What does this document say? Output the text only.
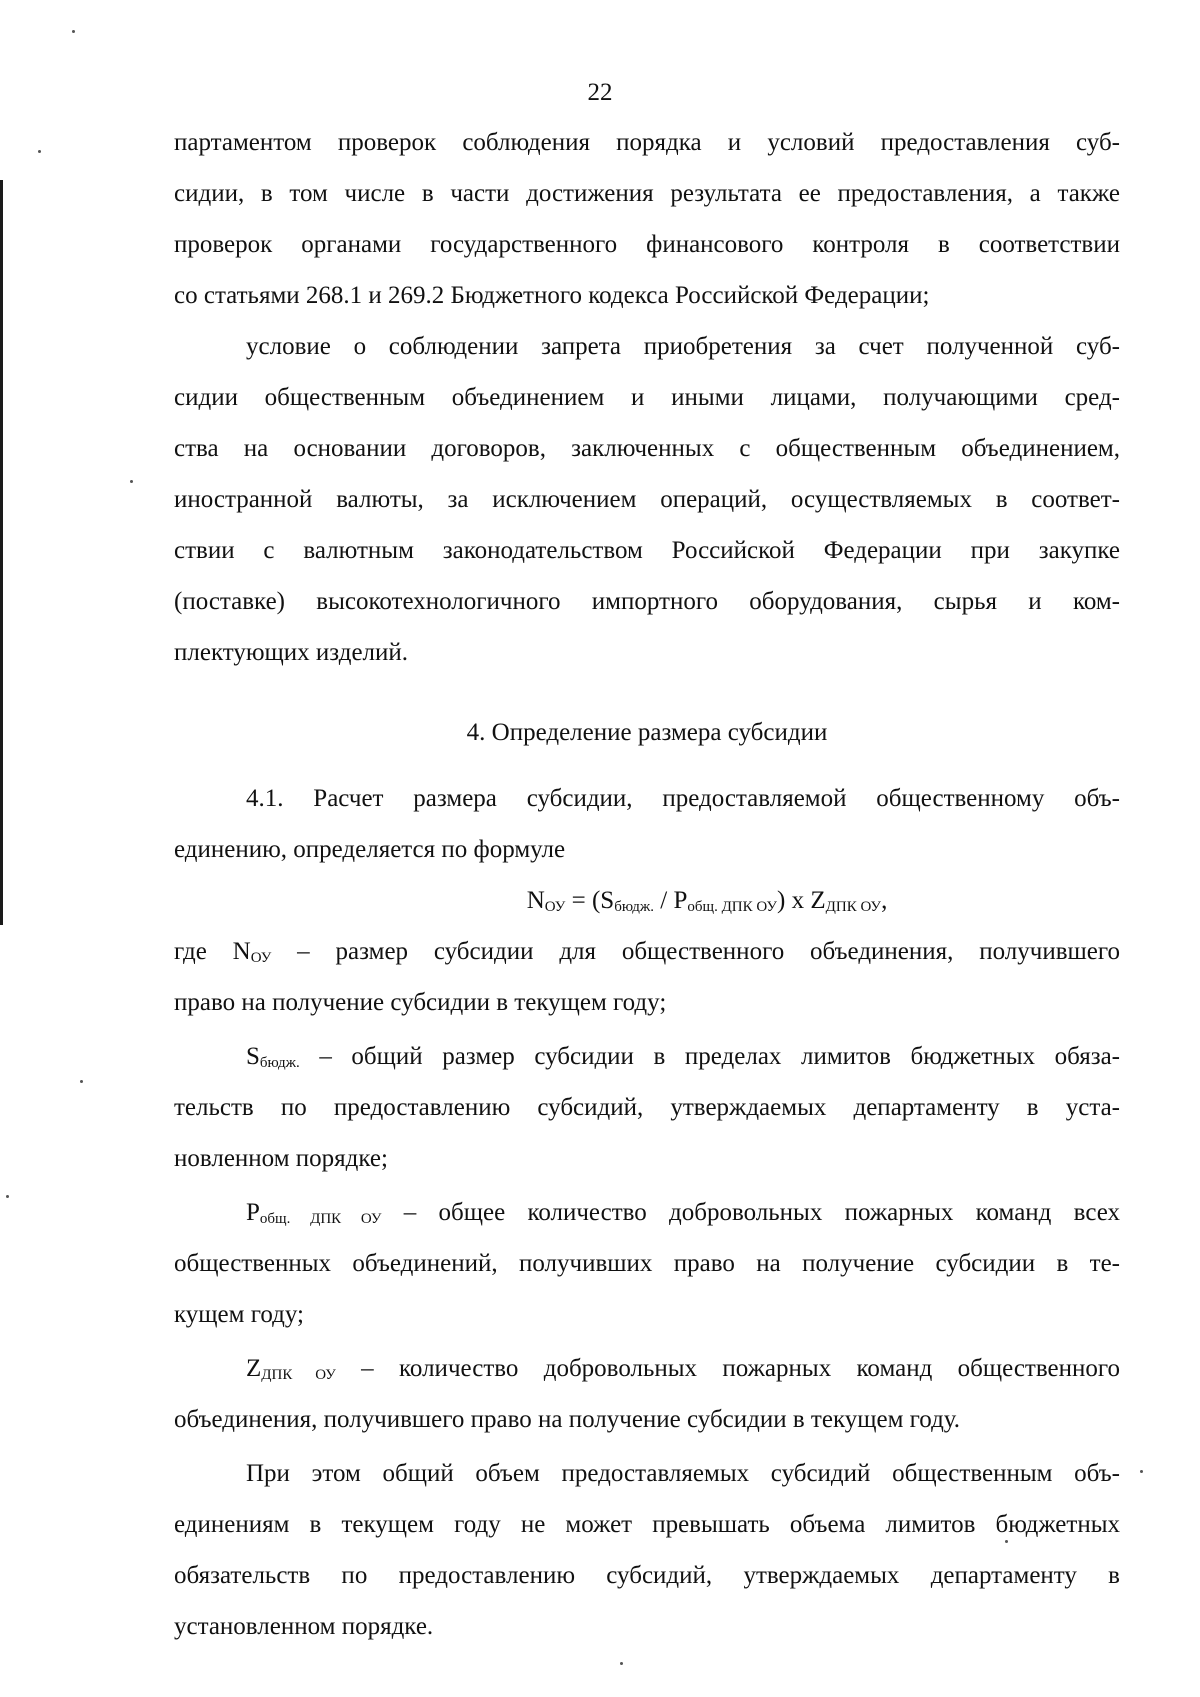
22
партаментом проверок соблюдения порядка и условий предоставления суб-
сидии, в том числе в части достижения результата ее предоставления, а также
проверок органами государственного финансового контроля в соответствии
со статьями 268.1 и 269.2 Бюджетного кодекса Российской Федерации;
условие о соблюдении запрета приобретения за счет полученной суб-
сидии общественным объединением и иными лицами, получающими сред-
ства на основании договоров, заключенных с общественным объединением,
иностранной валюты, за исключением операций, осуществляемых в соответ-
ствии с валютным законодательством Российской Федерации при закупке
(поставке) высокотехнологичного импортного оборудования, сырья и ком-
плектующих изделий.
4. Определение размера субсидии
4.1. Расчет размера субсидии, предоставляемой общественному объ-
единению, определяется по формуле
$N_{ОУ} = (S_{бюдж.} / P_{общ. ДПК ОУ})$ x $Z_{ДПК ОУ}$,
где $N_{ОУ}$ – размер субсидии для общественного объединения, получившего
право на получение субсидии в текущем году;
$S_{бюдж.}$ – общий размер субсидии в пределах лимитов бюджетных обяза-
тельств по предоставлению субсидий, утверждаемых департаменту в уста-
новленном порядке;
$P_{общ. ДПК ОУ}$ – общее количество добровольных пожарных команд всех
общественных объединений, получивших право на получение субсидии в те-
кущем году;
$Z_{ДПК ОУ}$ – количество добровольных пожарных команд общественного
объединения, получившего право на получение субсидии в текущем году.
При этом общий объем предоставляемых субсидий общественным объ-
единениям в текущем году не может превышать объема лимитов бюджетных
обязательств по предоставлению субсидий, утверждаемых департаменту в
установленном порядке.
